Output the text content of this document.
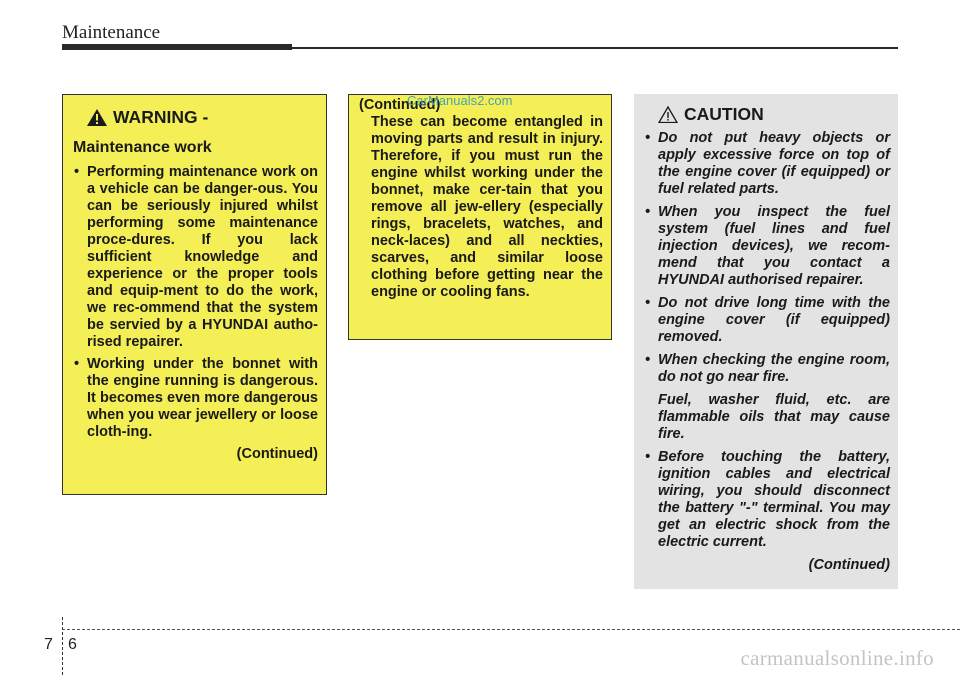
Maintenance
WARNING -
Maintenance work
• Performing maintenance work on a vehicle can be danger-ous. You can be seriously injured whilst performing some maintenance proce-dures. If you lack sufficient knowledge and experience or the proper tools and equip-ment to do the work, we rec-ommend that the system be servied by a HYUNDAI autho-rised repairer.
• Working under the bonnet with the engine running is dangerous. It becomes even more dangerous when you wear jewellery or loose cloth-ing.
(Continued)
(Continued)
These can become entangled in moving parts and result in injury. Therefore, if you must run the engine whilst working under the bonnet, make cer-tain that you remove all jew-ellery (especially rings, bracelets, watches, and neck-laces) and all neckties, scarves, and similar loose clothing before getting near the engine or cooling fans.
CarManuals2.com
CAUTION
• Do not put heavy objects or apply excessive force on top of the engine cover (if equipped) or fuel related parts.
• When you inspect the fuel system (fuel lines and fuel injection devices), we recom-mend that you contact a HYUNDAI authorised repairer.
• Do not drive long time with the engine cover (if equipped) removed.
• When checking the engine room, do not go near fire.
Fuel, washer fluid, etc. are flammable oils that may cause fire.
• Before touching the battery, ignition cables and electrical wiring, you should disconnect the battery "-" terminal. You may get an electric shock from the electric current.
(Continued)
7 6
carmanualsonline.info
